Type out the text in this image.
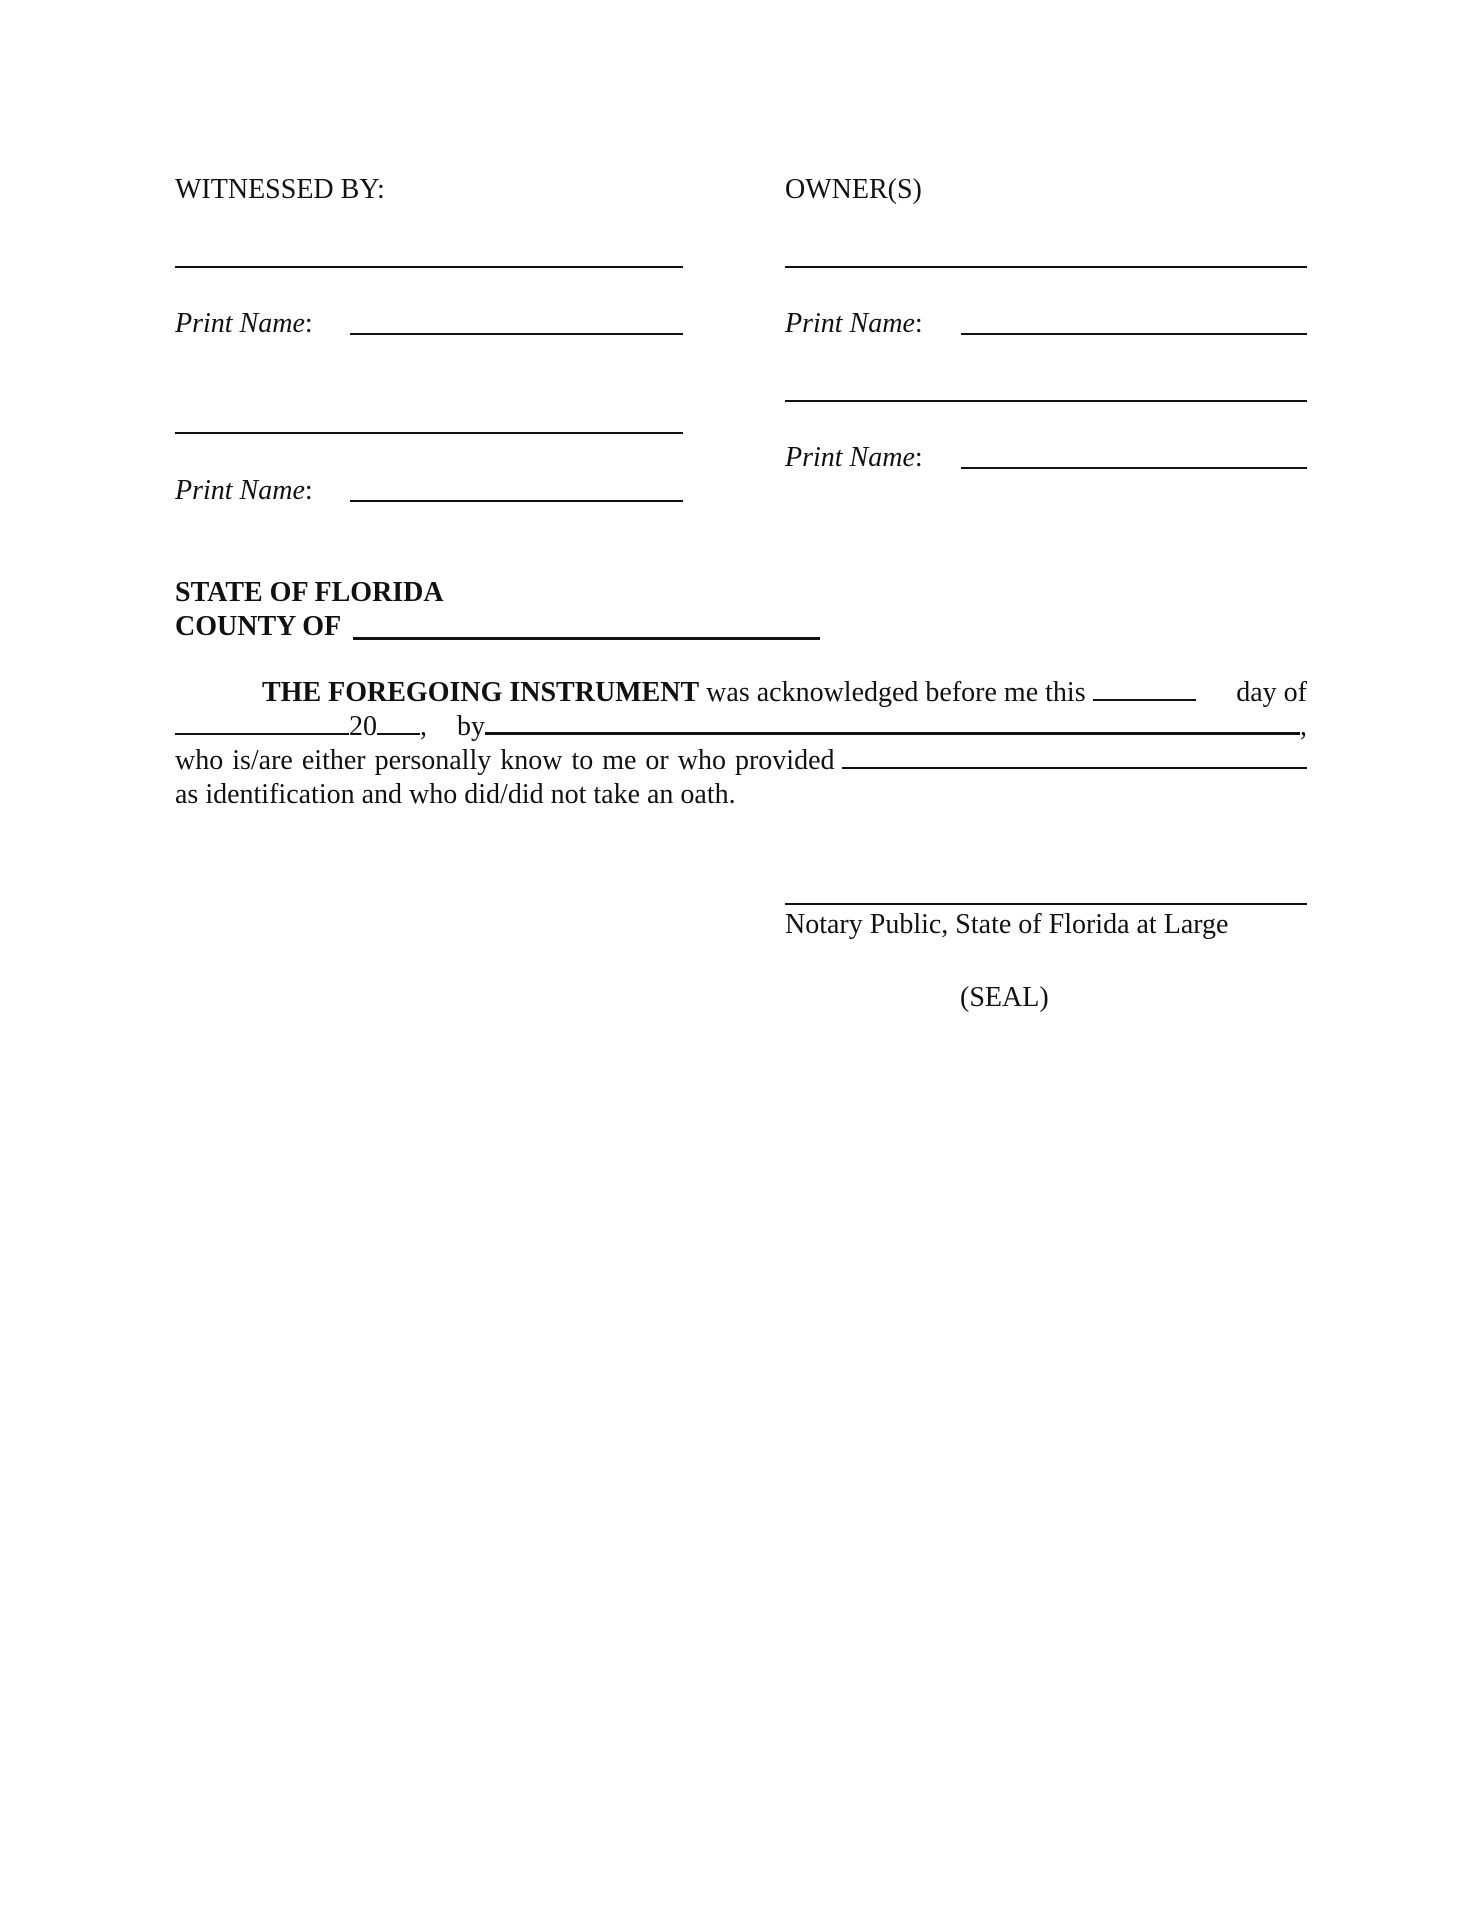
WITNESSED BY:	OWNER(S)
Print Name:	Print Name:
Print Name:
Print Name:
STATE OF FLORIDA
COUNTY OF
THE FOREGOING INSTRUMENT
was acknowledged before me this
	day of
20 , by	,
who is/are either personally know to me or who provided

as identification and who did/did not take an oath.
Notary Public, State of Florida at Large
(SEAL)
